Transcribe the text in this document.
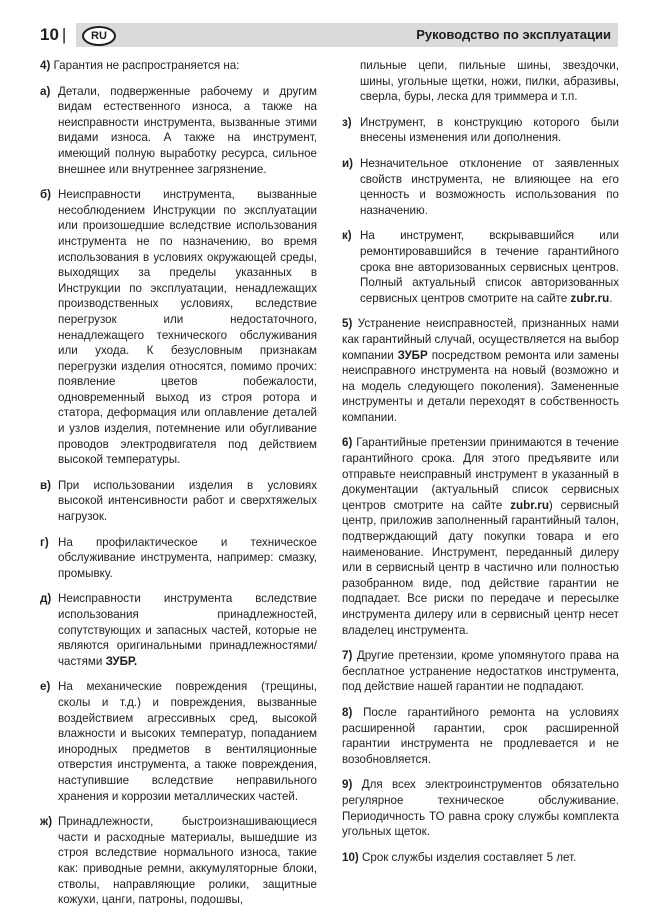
10 |	RU	Руководство по эксплуатации
4) Гарантия не распространяется на:
а) Детали, подверженные рабочему и другим видам естественного износа, а также на неисправности инструмента, вызванные этими видами износа. А также на инструмент, имеющий полную выработку ресурса, сильное внешнее или внутреннее загрязнение.
б) Неисправности инструмента, вызванные несоблюдением Инструкции по эксплуатации или произошедшие вследствие использования инструмента не по назначению, во время использования в условиях окружающей среды, выходящих за пределы указанных в Инструкции по эксплуатации, ненадлежащих производственных условиях, вследствие перегрузок или недостаточного, ненадлежащего технического обслуживания или ухода. К безусловным признакам перегрузки изделия относятся, помимо прочих: появление цветов побежалости, одновременный выход из строя ротора и статора, деформация или оплавление деталей и узлов изделия, потемнение или обугливание проводов электродвигателя под действием высокой температуры.
в) При использовании изделия в условиях высокой интенсивности работ и сверхтяжелых нагрузок.
г) На профилактическое и техническое обслуживание инструмента, например: смазку, промывку.
д) Неисправности инструмента вследствие использования принадлежностей, сопутствующих и запасных частей, которые не являются оригинальными принадлежностями/частями ЗУБР.
е) На механические повреждения (трещины, сколы и т.д.) и повреждения, вызванные воздействием агрессивных сред, высокой влажности и высоких температур, попаданием инородных предметов в вентиляционные отверстия инструмента, а также повреждения, наступившие вследствие неправильного хранения и коррозии металлических частей.
ж) Принадлежности, быстроизнашивающиеся части и расходные материалы, вышедшие из строя вследствие нормального износа, такие как: приводные ремни, аккумуляторные блоки, стволы, направляющие ролики, защитные кожухи, цанги, патроны, подошвы,
пильные цепи, пильные шины, звездочки, шины, угольные щетки, ножи, пилки, абразивы, сверла, буры, леска для триммера и т.п.
з) Инструмент, в конструкцию которого были внесены изменения или дополнения.
и) Незначительное отклонение от заявленных свойств инструмента, не влияющее на его ценность и возможность использования по назначению.
к) На инструмент, вскрывавшийся или ремонтировавшийся в течение гарантийного срока вне авторизованных сервисных центров. Полный актуальный список авторизованных сервисных центров смотрите на сайте zubr.ru.
5) Устранение неисправностей, признанных нами как гарантийный случай, осуществляется на выбор компании ЗУБР посредством ремонта или замены неисправного инструмента на новый (возможно и на модель следующего поколения). Замененные инструменты и детали переходят в собственность компании.
6) Гарантийные претензии принимаются в течение гарантийного срока. Для этого предъявите или отправьте неисправный инструмент в указанный в документации (актуальный список сервисных центров смотрите на сайте zubr.ru) сервисный центр, приложив заполненный гарантийный талон, подтверждающий дату покупки товара и его наименование. Инструмент, переданный дилеру или в сервисный центр в частично или полностью разобранном виде, под действие гарантии не подпадает. Все риски по передаче и пересылке инструмента дилеру или в сервисный центр несет владелец инструмента.
7) Другие претензии, кроме упомянутого права на бесплатное устранение недостатков инструмента, под действие нашей гарантии не подпадают.
8) После гарантийного ремонта на условиях расширенной гарантии, срок расширенной гарантии инструмента не продлевается и не возобновляется.
9) Для всех электроинструментов обязательно регулярное техническое обслуживание. Периодичность ТО равна сроку службы комплекта угольных щеток.
10) Срок службы изделия составляет 5 лет.
